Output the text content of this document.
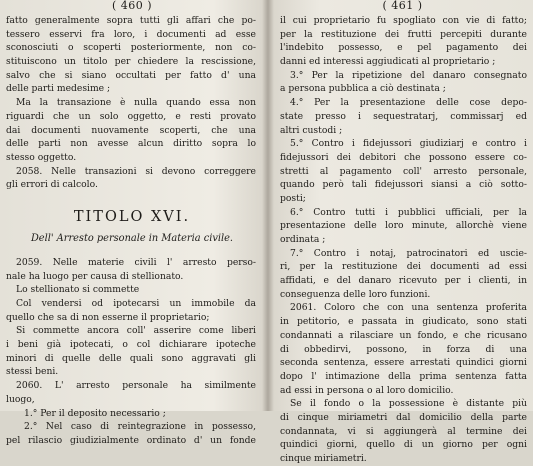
( 460 )
fatto generalmente sopra tutti gli affari che po-
tessero esservi fra loro, i documenti ad esse
sconosciuti o scoperti posteriormente, non co-
stituiscono un titolo per chiedere la rescissione,
salvo che si siano occultati per fatto d' una
delle parti medesime ;
Ma la transazione è nulla quando essa non
riguardi che un solo oggetto, e resti provato
dai documenti nuovamente scoperti, che una
delle parti non avesse alcun diritto sopra lo
stesso oggetto.
2058. Nelle transazioni si devono correggere
gli errori di calcolo.
TITOLO XVI.
Dell' Arresto personale in Materia civile.
2059. Nelle materie civili l' arresto perso-
nale ha luogo per causa di stellionato.
Lo stellionato si commette
Col vendersi od ipotecarsi un immobile da
quello che sa di non esserne il proprietario;
Si commette ancora coll' asserire come liberi
i beni già ipotecati, o col dichiarare ipoteche
minori di quelle delle quali sono aggravati gli
stessi beni.
2060. L' arresto personale ha similmente
luogo,
1.° Per il deposito necessario ;
2.° Nel caso di reintegrazione in possesso,
pel rilascio giudizialmente ordinato d' un fonde
( 461 )
il cui proprietario fu spogliato con vie di fatto;
per la restituzione dei frutti percepiti durante
l'indebito possesso, e pel pagamento dei
danni ed interessi aggiudicati al proprietario ;
3.° Per la ripetizione del danaro consegnato
a persona pubblica a ciò destinata ;
4.° Per la presentazione delle cose depo-
state presso i sequestratarj, commissarj ed
altri custodi ;
5.° Contro i fidejussori giudiziarj e contro i
fidejussori dei debitori che possono essere co-
stretti al pagamento coll' arresto personale,
quando però tali fidejussori siansi a ciò sotto-
posti;
6.° Contro tutti i pubblici ufficiali, per la
presentazione delle loro minute, allorchè viene
ordinata ;
7.° Contro i notaj, patrocinatori ed uscie-
ri, per la restituzione dei documenti ad essi
affidati, e del danaro ricevuto per i clienti, in
conseguenza delle loro funzioni.
2061. Coloro che con una sentenza proferita
in petitorio, e passata in giudicato, sono stati
condannati a rilasciare un fondo, e che ricusano
di obbedirvi, possono, in forza di una
seconda sentenza, essere arrestati quindici giorni
dopo l' intimazione della prima sentenza fatta
ad essi in persona o al loro domicilio.
Se il fondo o la possessione è distante più
di cinque miriametri dal domicilio della parte
condannata, vi si aggiungerà al termine dei
quindici giorni, quello di un giorno per ogni
cinque miriametri.
